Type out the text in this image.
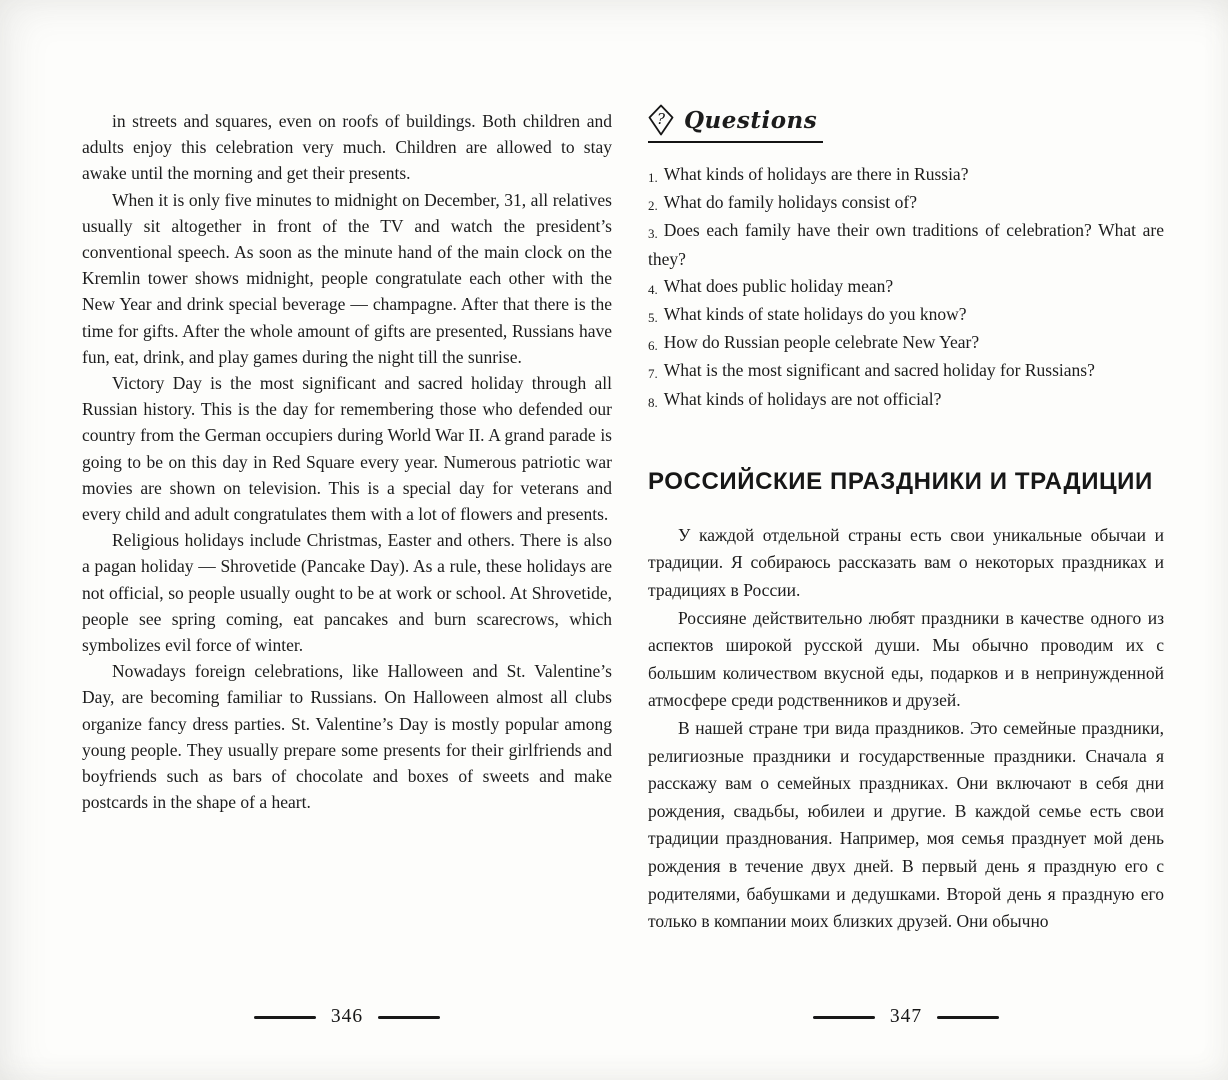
in streets and squares, even on roofs of buildings. Both children and adults enjoy this celebration very much. Children are allowed to stay awake until the morning and get their presents.

When it is only five minutes to midnight on December, 31, all relatives usually sit altogether in front of the TV and watch the president’s conventional speech. As soon as the minute hand of the main clock on the Kremlin tower shows midnight, people congratulate each other with the New Year and drink special beverage — champagne. After that there is the time for gifts. After the whole amount of gifts are presented, Russians have fun, eat, drink, and play games during the night till the sunrise.

Victory Day is the most significant and sacred holiday through all Russian history. This is the day for remembering those who defended our country from the German occupiers during World War II. A grand parade is going to be on this day in Red Square every year. Numerous patriotic war movies are shown on television. This is a special day for veterans and every child and adult congratulates them with a lot of flowers and presents.

Religious holidays include Christmas, Easter and others. There is also a pagan holiday — Shrovetide (Pancake Day). As a rule, these holidays are not official, so people usually ought to be at work or school. At Shrovetide, people see spring coming, eat pancakes and burn scarecrows, which symbolizes evil force of winter.

Nowadays foreign celebrations, like Halloween and St. Valentine’s Day, are becoming familiar to Russians. On Halloween almost all clubs organize fancy dress parties. St. Valentine’s Day is mostly popular among young people. They usually prepare some presents for their girlfriends and boyfriends such as bars of chocolate and boxes of sweets and make postcards in the shape of a heart.

346
? Questions
1. What kinds of holidays are there in Russia?
2. What do family holidays consist of?
3. Does each family have their own traditions of celebration? What are they?
4. What does public holiday mean?
5. What kinds of state holidays do you know?
6. How do Russian people celebrate New Year?
7. What is the most significant and sacred holiday for Russians?
8. What kinds of holidays are not official?
РОССИЙСКИЕ ПРАЗДНИКИ И ТРАДИЦИИ

У каждой отдельной страны есть свои уникальные обычаи и традиции. Я собираюсь рассказать вам о некоторых праздниках и традициях в России.

Россияне действительно любят праздники в качестве одного из аспектов широкой русской души. Мы обычно проводим их с большим количеством вкусной еды, подарков и в непринужденной атмосфере среди родственников и друзей.

В нашей стране три вида праздников. Это семейные праздники, религиозные праздники и государственные праздники. Сначала я расскажу вам о семейных праздниках. Они включают в себя дни рождения, свадьбы, юбилеи и другие. В каждой семье есть свои традиции празднования. Например, моя семья празднует мой день рождения в течение двух дней. В первый день я праздную его с родителями, бабушками и дедушками. Второй день я праздную его только в компании моих близких друзей. Они обычно

347
